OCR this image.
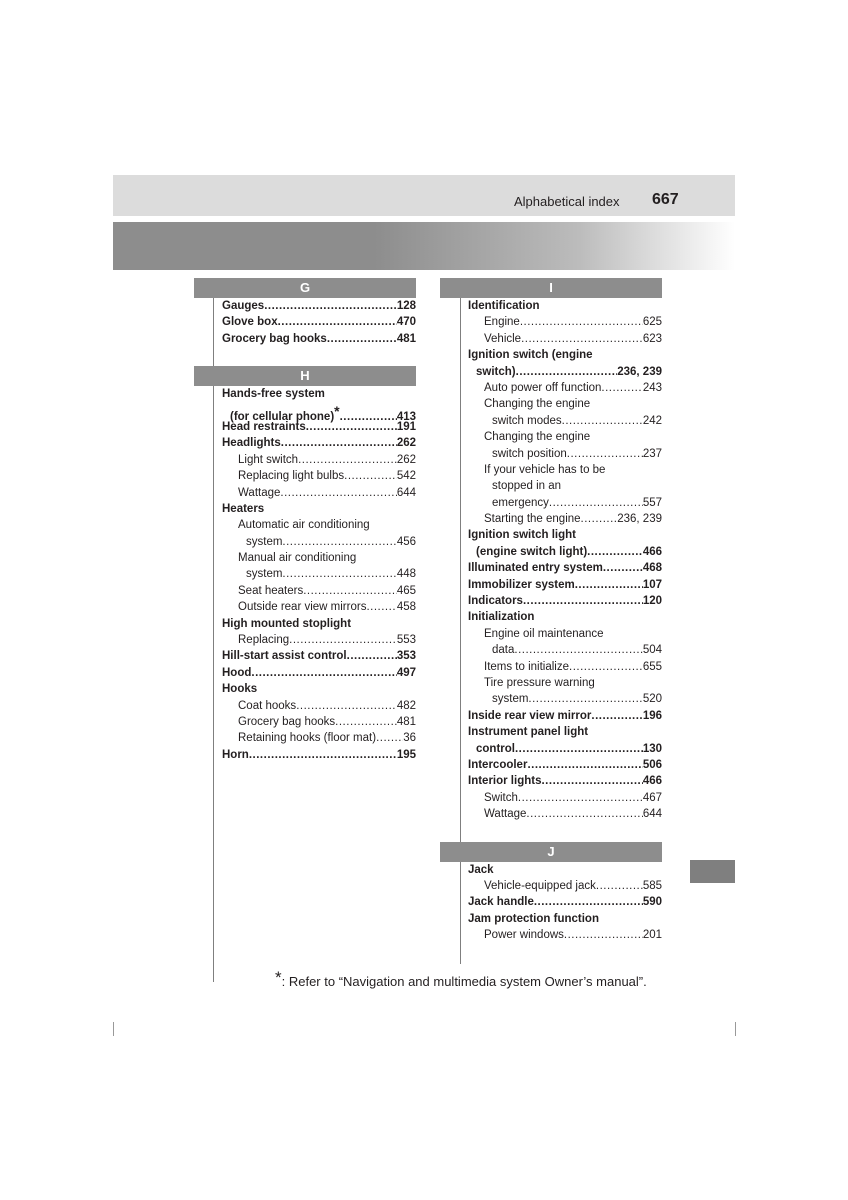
Alphabetical index 667
G
Gauges .....	128
Glove box .....	470
Grocery bag hooks .....	481
H
Hands-free system
(for cellular phone)* .....	413
Head restraints .....	191
Headlights .....	262
Light switch .....	262
Replacing light bulbs .....	542
Wattage .....	644
Heaters
Automatic air conditioning
system .....	456
Manual air conditioning
system .....	448
Seat heaters .....	465
Outside rear view mirrors .....	458
High mounted stoplight
Replacing .....	553
Hill-start assist control .....	353
Hood .....	497
Hooks
Coat hooks .....	482
Grocery bag hooks .....	481
Retaining hooks (floor mat) ..... 36
Horn .....	195
I
Identification
Engine .....	625
Vehicle .....	623
Ignition switch (engine
switch) .....	236, 239
Auto power off function .....	243
Changing the engine
switch modes .....	242
Changing the engine
switch position .....	237
If your vehicle has to be
stopped in an
emergency .....	557
Starting the engine .....	236, 239
Ignition switch light
(engine switch light) .....	466
Illuminated entry system .....	468
Immobilizer system .....	107
Indicators .....	120
Initialization
Engine oil maintenance
data .....	504
Items to initialize .....	655
Tire pressure warning
system .....	520
Inside rear view mirror .....	196
Instrument panel light
control .....	130
Intercooler .....	506
Interior lights .....	466
Switch .....	467
Wattage .....	644
J
Jack
Vehicle-equipped jack .....	585
Jack handle .....	590
Jam protection function
Power windows .....	201
*: Refer to “Navigation and multimedia system Owner’s manual”.
